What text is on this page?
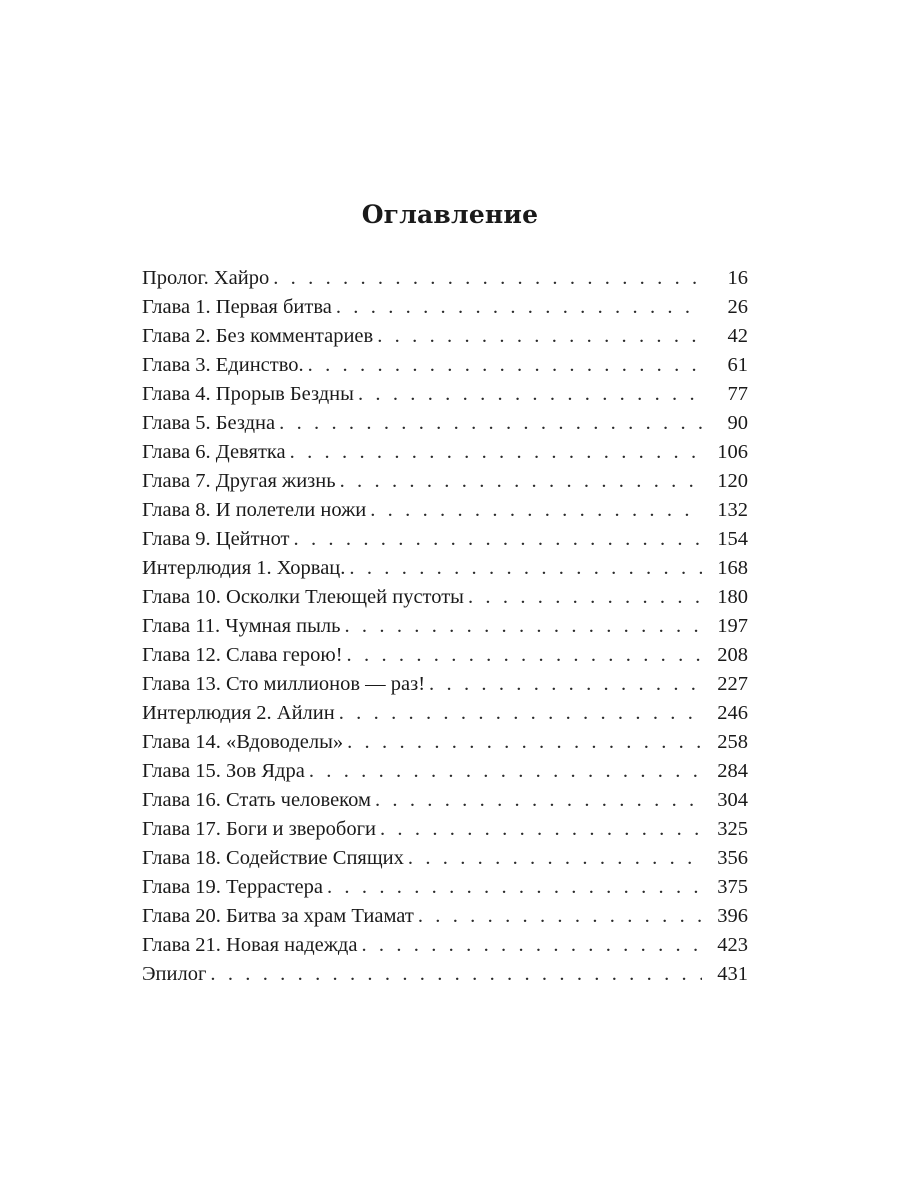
Оглавление
Пролог. Хайро . . .	16
Глава 1. Первая битва . . .	26
Глава 2. Без комментариев . . .	42
Глава 3. Единство. . . .	61
Глава 4. Прорыв Бездны . . .	77
Глава 5. Бездна . . .	90
Глава 6. Девятка . . .	106
Глава 7. Другая жизнь . . .	120
Глава 8. И полетели ножи . . .	132
Глава 9. Цейтнот . . .	154
Интерлюдия 1. Хорвац. . . .	168
Глава 10. Осколки Тлеющей пустоты . . .	180
Глава 11. Чумная пыль . . .	197
Глава 12. Слава герою! . . .	208
Глава 13. Сто миллионов — раз! . . .	227
Интерлюдия 2. Айлин . . .	246
Глава 14. «Вдоводелы» . . .	258
Глава 15. Зов Ядра . . .	284
Глава 16. Стать человеком . . .	304
Глава 17. Боги и зверобоги . . .	325
Глава 18. Содействие Спящих . . .	356
Глава 19. Террастера . . .	375
Глава 20. Битва за храм Тиамат . . .	396
Глава 21. Новая надежда . . .	423
Эпилог . . .	431
